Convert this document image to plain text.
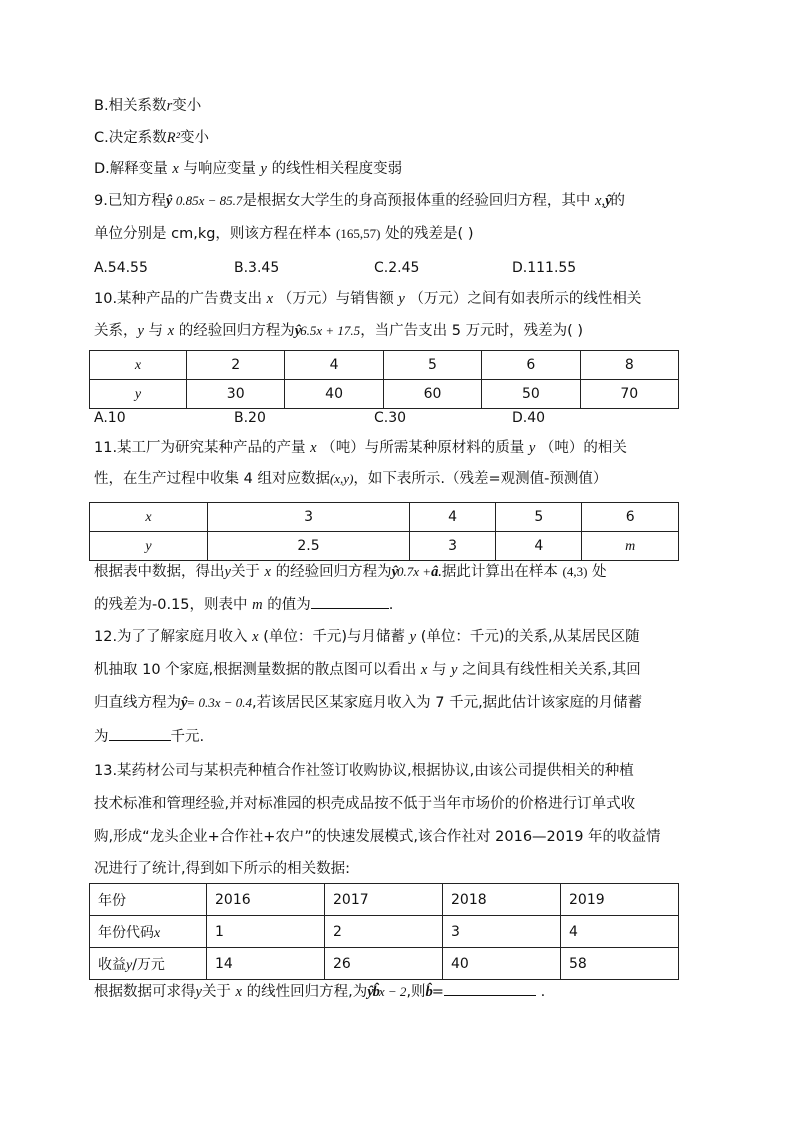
B.相关系数r变小
C.决定系数R²变小
D.解释变量 x 与响应变量 y 的线性相关程度变弱
9.已知方程ŷ 0.85x − 85.7是根据女大学生的身高预报体重的经验回归方程，其中 x,ŷ的
单位分别是 cm,kg，则该方程在样本 (165,57) 处的残差是( )
A.54.55	B.3.45	C.2.45	D.111.55
10.某种产品的广告费支出 x （万元）与销售额 y （万元）之间有如表所示的线性相关
关系，y 与 x 的经验回归方程为ŷ6.5x + 17.5，当广告支出 5 万元时，残差为( )
x	2	4	5	6	8
y	30	40	60	50	70
A.10	B.20	C.30	D.40
11.某工厂为研究某种产品的产量 x （吨）与所需某种原材料的质量 y （吨）的相关
性，在生产过程中收集 4 组对应数据(x,y)，如下表所示.（残差=观测值-预测值）
x	3	4	5	6
y	2.5	3	4	m
根据表中数据，得出y关于 x 的经验回归方程为ŷ0.7x +â.据此计算出在样本 (4,3) 处
的残差为-0.15，则表中 m 的值为	.
12.为了了解家庭月收入 x (单位：千元)与月储蓄 y (单位：千元)的关系,从某居民区随
机抽取 10 个家庭,根据测量数据的散点图可以看出 x 与 y 之间具有线性相关关系,其回
归直线方程为ŷ= 0.3x − 0.4,若该居民区某家庭月收入为 7 千元,据此估计该家庭的月储蓄
为	千元.
13.某药材公司与某枳壳种植合作社签订收购协议,根据协议,由该公司提供相关的种植
技术标准和管理经验,并对标准园的枳壳成品按不低于当年市场价的价格进行订单式收
购,形成“龙头企业+合作社+农户”的快速发展模式,该合作社对 2016—2019 年的收益情
况进行了统计,得到如下所示的相关数据:
年份	2016	2017	2018	2019
年份代码x	1	2	3	4
收益y/万元	14	26	40	58
根据数据可求得y关于 x 的线性回归方程,为ŷb̂x − 2,则b̂=	.
